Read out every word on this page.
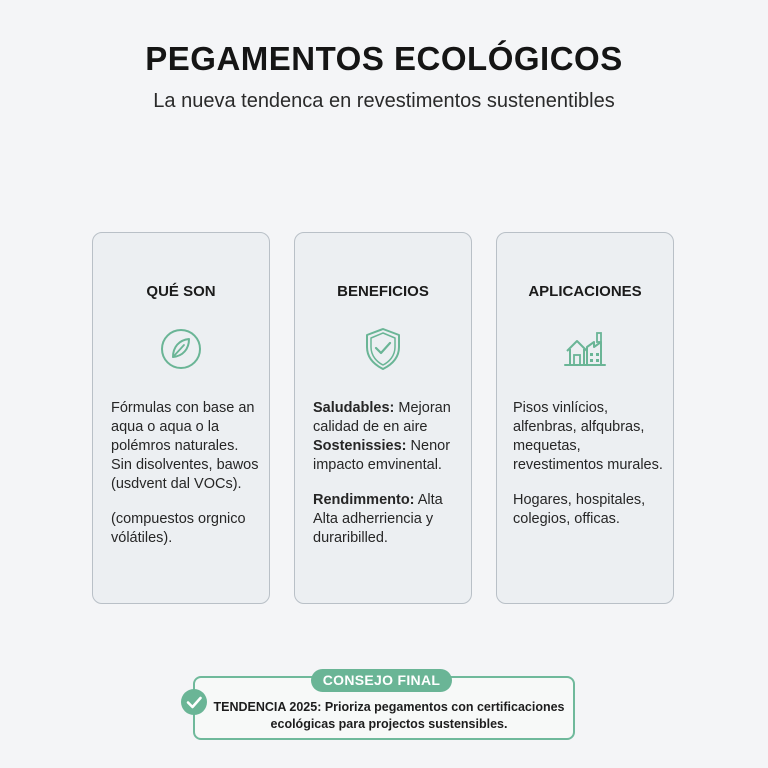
PEGAMENTOS ECOLÓGICOS
La nueva tendenca en revestimentos sustenentibles
QUÉ SON

Fórmulas con base an aqua o aqua o la polémros naturales. Sin disolventes, bawos (usdvent dal VOCs).

(compuestos orgnico vólátiles).

BENEFICIOS

Saludables: Mejoran calidad de en aire

Sostenissies: Nenor impacto emvinental.

Rendimmento: Alta Alta adherriencia y duraribilled.

APLICACIONES

Pisos vinlícios, alfenbras, alfqubras, mequetas, revestimentos murales.

Hogares, hospitales, colegios, officas.

CONSEJO FINAL
TENDENCIA 2025: Prioriza pegamentos con certificaciones
ecológicas para projectos sustensibles.
